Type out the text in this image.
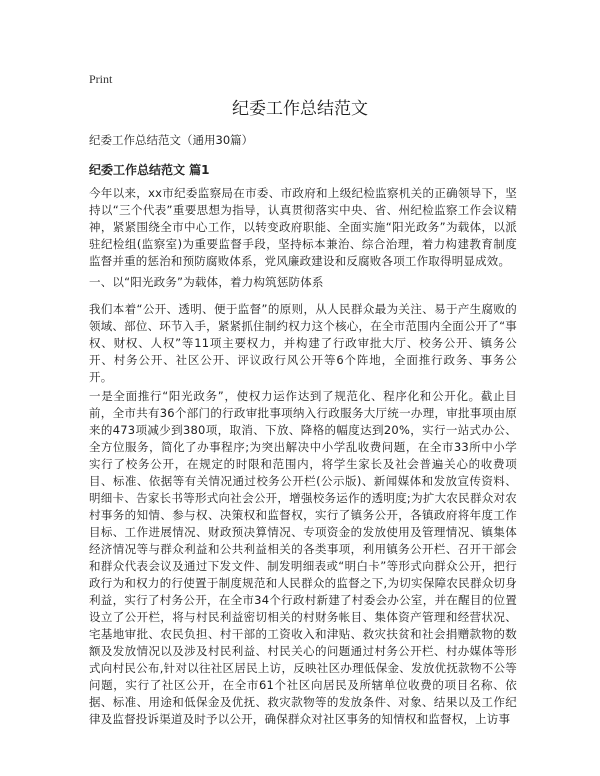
Print
纪委工作总结范文

纪委工作总结范文（通用30篇）

纪委工作总结范文 篇1

今年以来，xx市纪委监察局在市委、市政府和上级纪检监察机关的正确领导下，坚持以“三个代表”重要思想为指导，认真贯彻落实中央、省、州纪检监察工作会议精神，紧紧围绕全市中心工作，以转变政府职能、全面实施“阳光政务”为载体，以派驻纪检组(监察室)为重要监督手段，坚持标本兼治、综合治理，着力构建教育制度监督并重的惩治和预防腐败体系，党风廉政建设和反腐败各项工作取得明显成效。

一、以“阳光政务”为载体，着力构筑惩防体系

我们本着“公开、透明、便于监督”的原则，从人民群众最为关注、易于产生腐败的领域、部位、环节入手，紧紧抓住制约权力这个核心，在全市范围内全面公开了“事权、财权、人权”等11项主要权力，并构建了行政审批大厅、校务公开、镇务公开、村务公开、社区公开、评议政行风公开等6个阵地，全面推行政务、事务公开。

一是全面推行“阳光政务”，使权力运作达到了规范化、程序化和公开化。截止目前，全市共有36个部门的行政审批事项纳入行政服务大厅统一办理，审批事项由原来的473项减少到380项，取消、下放、降格的幅度达到20%，实行一站式办公、全方位服务，简化了办事程序;为突出解决中小学乱收费问题，在全市33所中小学实行了校务公开，在规定的时限和范围内，将学生家长及社会普遍关心的收费项目、标准、依据等有关情况通过校务公开栏(公示版)、新闻媒体和发放宣传资料、明细卡、告家长书等形式向社会公开，增强校务运作的透明度;为扩大农民群众对农村事务的知情、参与权、决策权和监督权，实行了镇务公开，各镇政府将年度工作目标、工作进展情况、财政预决算情况、专项资金的发放使用及管理情况、镇集体经济情况等与群众利益和公共利益相关的各类事项，利用镇务公开栏、召开干部会和群众代表会议及通过下发文件、制发明细表或“明白卡”等形式向群众公开，把行政行为和权力的行使置于制度规范和人民群众的监督之下,为切实保障农民群众切身利益，实行了村务公开，在全市34个行政村新建了村委会办公室，并在醒目的位置设立了公开栏，将与村民利益密切相关的村财务帐目、集体资产管理和经营状况、宅基地审批、农民负担、村干部的工资收入和津贴、救灾扶贫和社会捐赠款物的数额及发放情况以及涉及村民利益、村民关心的问题通过村务公开栏、村办媒体等形式向村民公布,针对以往社区居民上访，反映社区办理低保金、发放优抚款物不公等问题，实行了社区公开，在全市61个社区向居民及所辖单位收费的项目名称、依据、标准、用途和低保金及优抚、救灾款物等的发放条件、对象、结果以及工作纪律及监督投诉渠道及时予以公开，确保群众对社区事务的知情权和监督权，上访事
